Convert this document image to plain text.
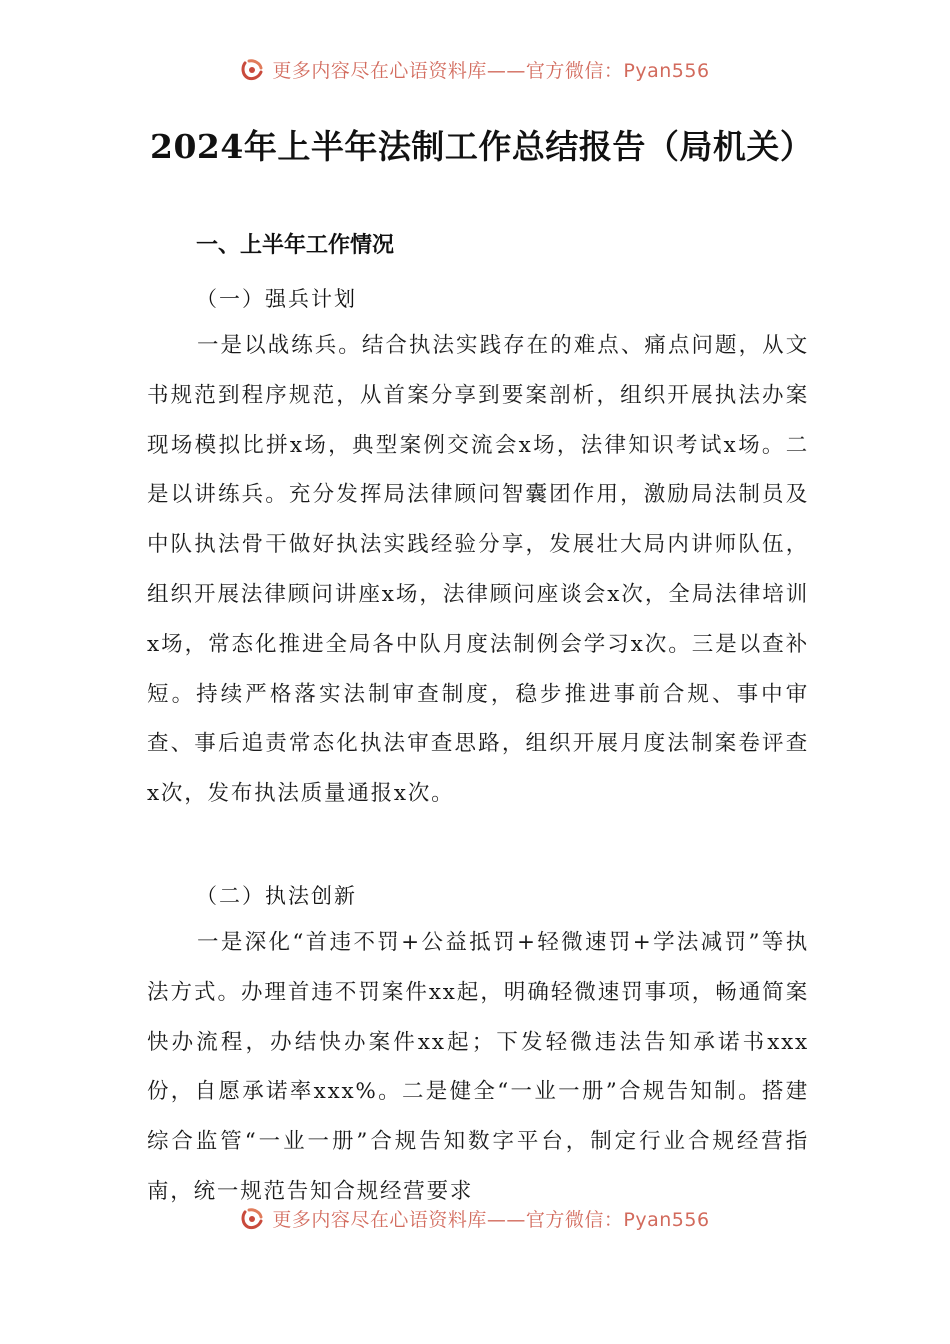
更多内容尽在心语资料库——官方微信：Pyan556
2024年上半年法制工作总结报告（局机关）
一、上半年工作情况
（一）强兵计划

一是以战练兵。结合执法实践存在的难点、痛点问题，从文书规范到程序规范，从首案分享到要案剖析，组织开展执法办案现场模拟比拼x场，典型案例交流会x场，法律知识考试x场。二是以讲练兵。充分发挥局法律顾问智囊团作用，激励局法制员及中队执法骨干做好执法实践经验分享，发展壮大局内讲师队伍，组织开展法律顾问讲座x场，法律顾问座谈会x次，全局法律培训x场，常态化推进全局各中队月度法制例会学习x次。三是以查补短。持续严格落实法制审查制度，稳步推进事前合规、事中审查、事后追责常态化执法审查思路，组织开展月度法制案卷评查x次，发布执法质量通报x次。

（二）执法创新

一是深化“首违不罚+公益抵罚+轻微速罚+学法减罚”等执法方式。办理首违不罚案件xx起，明确轻微速罚事项，畅通简案快办流程，办结快办案件xx起；下发轻微违法告知承诺书xxx份，自愿承诺率xxx%。二是健全“一业一册”合规告知制。搭建综合监管“一业一册”合规告知数字平台，制定行业合规经营指南，统一规范告知合规经营要求

更多内容尽在心语资料库——官方微信：Pyan556
